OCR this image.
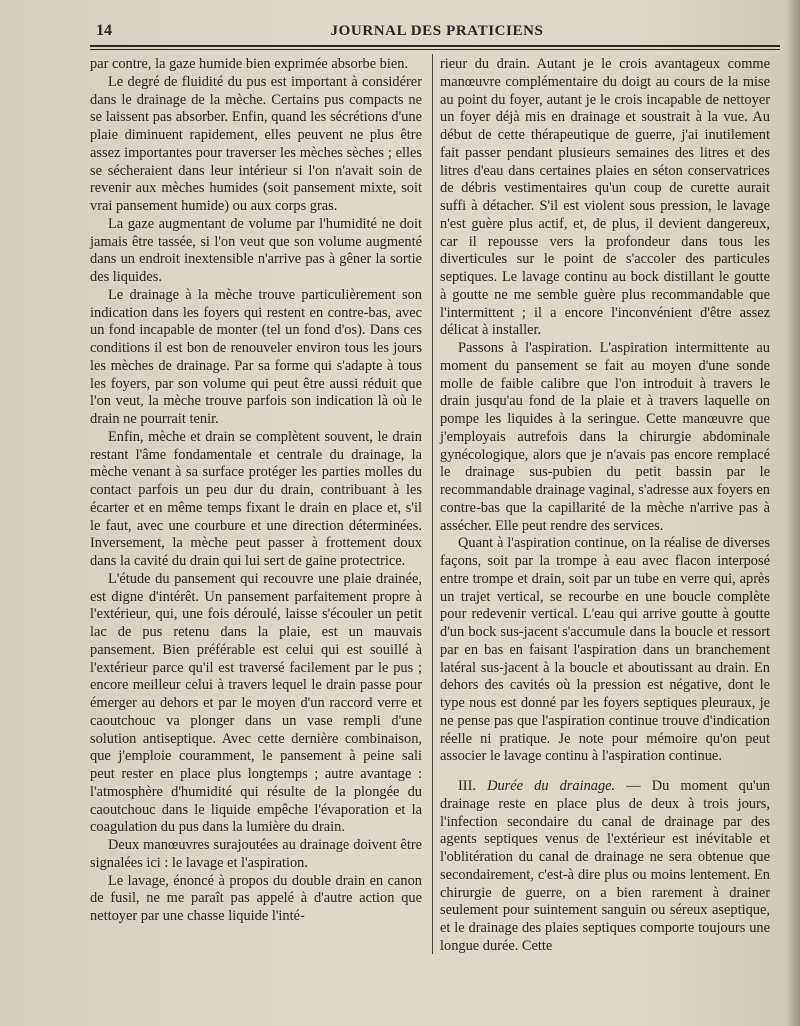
14	JOURNAL DES PRATICIENS

par contre, la gaze humide bien exprimée absorbe bien.

Le degré de fluidité du pus est important à considérer dans le drainage de la mèche. Certains pus compacts ne se laissent pas absorber. Enfin, quand les sécrétions d'une plaie diminuent rapidement, elles peuvent ne plus être assez importantes pour traverser les mèches sèches ; elles se sécheraient dans leur intérieur si l'on n'avait soin de revenir aux mèches humides (soit pansement mixte, soit vrai pansement humide) ou aux corps gras.

La gaze augmentant de volume par l'humidité ne doit jamais être tassée, si l'on veut que son volume augmenté dans un endroit inextensible n'arrive pas à gêner la sortie des liquides.

Le drainage à la mèche trouve particulièrement son indication dans les foyers qui restent en contre-bas, avec un fond incapable de monter (tel un fond d'os). Dans ces conditions il est bon de renouveler environ tous les jours les mèches de drainage. Par sa forme qui s'adapte à tous les foyers, par son volume qui peut être aussi réduit que l'on veut, la mèche trouve parfois son indication là où le drain ne pourrait tenir.

Enfin, mèche et drain se complètent souvent, le drain restant l'âme fondamentale et centrale du drainage, la mèche venant à sa surface protéger les parties molles du contact parfois un peu dur du drain, contribuant à les écarter et en même temps fixant le drain en place et, s'il le faut, avec une courbure et une direction déterminées. Inversement, la mèche peut passer à frottement doux dans la cavité du drain qui lui sert de gaine protectrice.

L'étude du pansement qui recouvre une plaie drainée, est digne d'intérêt. Un pansement parfaitement propre à l'extérieur, qui, une fois déroulé, laisse s'écouler un petit lac de pus retenu dans la plaie, est un mauvais pansement. Bien préférable est celui qui est souillé à l'extérieur parce qu'il est traversé facilement par le pus ; encore meilleur celui à travers lequel le drain passe pour émerger au dehors et par le moyen d'un raccord verre et caoutchouc va plonger dans un vase rempli d'une solution antiseptique. Avec cette dernière combinaison, que j'emploie couramment, le pansement à peine sali peut rester en place plus longtemps ; autre avantage : l'atmosphère d'humidité qui résulte de la plongée du caoutchouc dans le liquide empêche l'évaporation et la coagulation du pus dans la lumière du drain.

Deux manœuvres surajoutées au drainage doivent être signalées ici : le lavage et l'aspiration.

Le lavage, énoncé à propos du double drain en canon de fusil, ne me paraît pas appelé à d'autre action que nettoyer par une chasse liquide l'inté-

rieur du drain. Autant je le crois avantageux comme manœuvre complémentaire du doigt au cours de la mise au point du foyer, autant je le crois incapable de nettoyer un foyer déjà mis en drainage et soustrait à la vue. Au début de cette thérapeutique de guerre, j'ai inutilement fait passer pendant plusieurs semaines des litres et des litres d'eau dans certaines plaies en séton conservatrices de débris vestimentaires qu'un coup de curette aurait suffi à détacher. S'il est violent sous pression, le lavage n'est guère plus actif, et, de plus, il devient dangereux, car il repousse vers la profondeur dans tous les diverticules sur le point de s'accoler des particules septiques. Le lavage continu au bock distillant le goutte à goutte ne me semble guère plus recommandable que l'intermittent ; il a encore l'inconvénient d'être assez délicat à installer.

Passons à l'aspiration. L'aspiration intermittente au moment du pansement se fait au moyen d'une sonde molle de faible calibre que l'on introduit à travers le drain jusqu'au fond de la plaie et à travers laquelle on pompe les liquides à la seringue. Cette manœuvre que j'employais autrefois dans la chirurgie abdominale gynécologique, alors que je n'avais pas encore remplacé le drainage sus-pubien du petit bassin par le recommandable drainage vaginal, s'adresse aux foyers en contre-bas que la capillarité de la mèche n'arrive pas à assécher. Elle peut rendre des services.

Quant à l'aspiration continue, on la réalise de diverses façons, soit par la trompe à eau avec flacon interposé entre trompe et drain, soit par un tube en verre qui, après un trajet vertical, se recourbe en une boucle complète pour redevenir vertical. L'eau qui arrive goutte à goutte d'un bock sus-jacent s'accumule dans la boucle et ressort par en bas en faisant l'aspiration dans un branchement latéral sus-jacent à la boucle et aboutissant au drain. En dehors des cavités où la pression est négative, dont le type nous est donné par les foyers septiques pleuraux, je ne pense pas que l'aspiration continue trouve d'indication réelle ni pratique. Je note pour mémoire qu'on peut associer le lavage continu à l'aspiration continue.

III. Durée du drainage. — Du moment qu'un drainage reste en place plus de deux à trois jours, l'infection secondaire du canal de drainage par des agents septiques venus de l'extérieur est inévitable et l'oblitération du canal de drainage ne sera obtenue que secondairement, c'est-à dire plus ou moins lentement. En chirurgie de guerre, on a bien rarement à drainer seulement pour suintement sanguin ou séreux aseptique, et le drainage des plaies septiques comporte toujours une longue durée. Cette
